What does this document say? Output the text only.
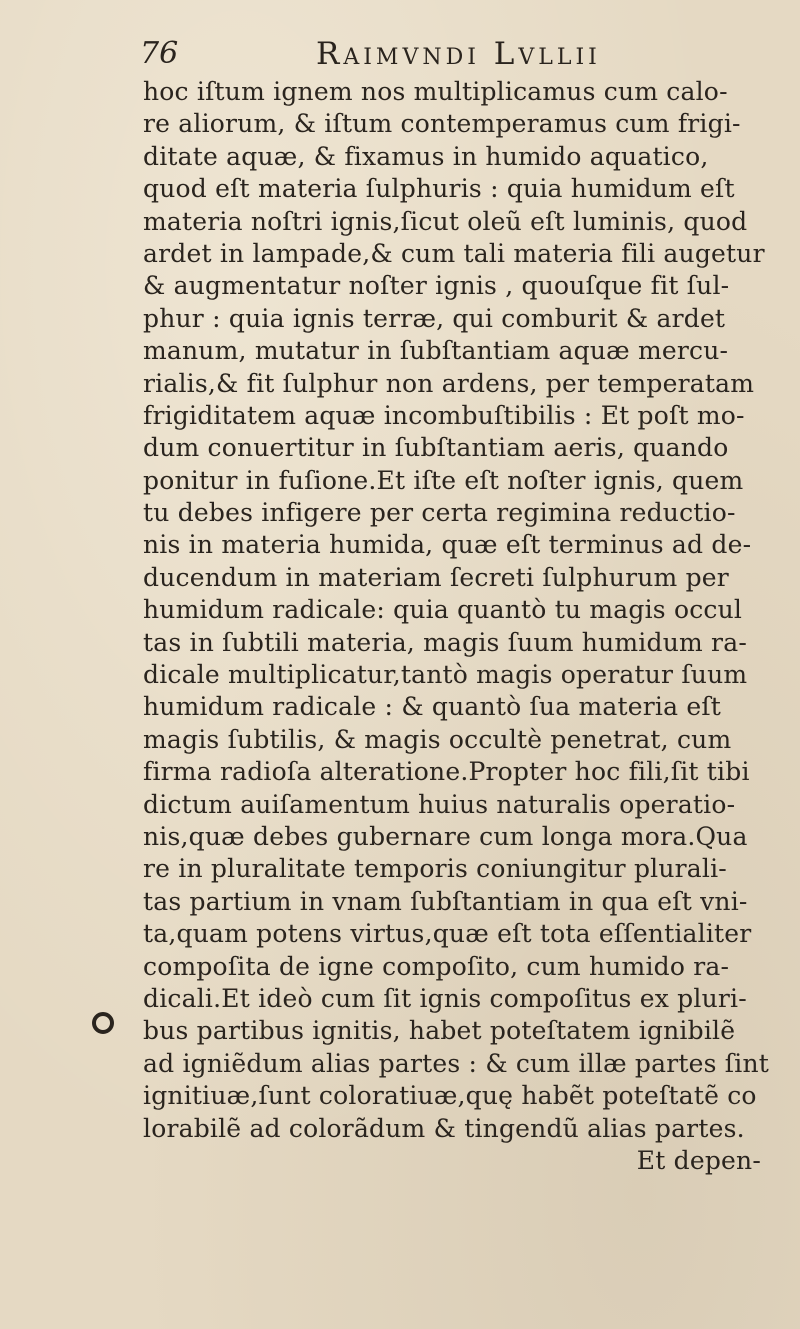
76	Raimvndi Lvllii
hoc iſtum ignem nos multiplicamus cum calo-
re aliorum, & iſtum contemperamus cum frigi-
ditate aquæ, & fixamus in humido aquatico,
quod eſt materia ſulphuris : quia humidum eſt
materia noſtri ignis,ſicut oleũ eſt luminis, quod
ardet in lampade,& cum tali materia fili augetur
& augmentatur noſter ignis , quouſque fit ſul-
phur : quia ignis terræ, qui comburit & ardet
manum, mutatur in ſubſtantiam aquæ mercu-
rialis,& fit ſulphur non ardens, per temperatam
frigiditatem aquæ incombuſtibilis : Et poſt mo-
dum conuertitur in ſubſtantiam aeris, quando
ponitur in fuſione.Et iſte eſt noſter ignis, quem
tu debes infigere per certa regimina reductio-
nis in materia humida, quæ eſt terminus ad de-
ducendum in materiam ſecreti ſulphurum per
humidum radicale: quia quantò tu magis occul
tas in ſubtili materia, magis ſuum humidum ra-
dicale multiplicatur,tantò magis operatur ſuum
humidum radicale : & quantò ſua materia eſt
magis ſubtilis, & magis occultè penetrat, cum
firma radioſa alteratione.Propter hoc fili,ſit tibi
dictum auiſamentum huius naturalis operatio-
nis,quæ debes gubernare cum longa mora.Qua
re in pluralitate temporis coniungitur plurali-
tas partium in vnam ſubſtantiam in qua eſt vni-
ta,quam potens virtus,quæ eſt tota eſſentialiter
compoſita de igne compoſito, cum humido ra-
dicali.Et ideò cum ſit ignis compoſitus ex pluri-
bus partibus ignitis, habet poteſtatem ignibilẽ
ad igniẽdum alias partes : & cum illæ partes ſint
ignitiuæ,ſunt coloratiuæ,quę habẽt poteſtatẽ co
lorabilẽ ad colorãdum & tingendũ alias partes.
Et depen-
